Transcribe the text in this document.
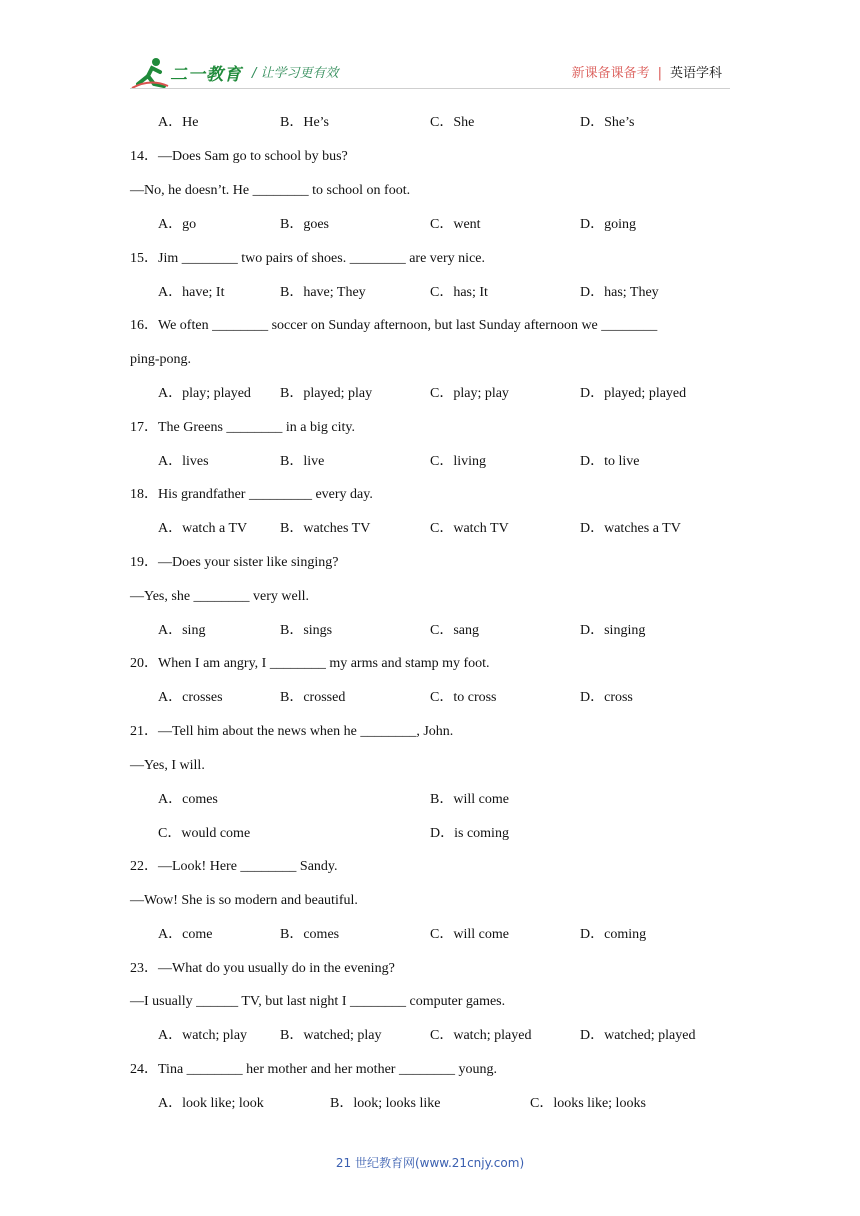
二一教育 / 让学习更有效	新课备课备考 | 英语学科
A．He	B．He’s	C．She	D．She’s
14．—Does Sam go to school by bus?
—No, he doesn’t. He ________ to school on foot.
A．go	B．goes	C．went	D．going
15．Jim ________ two pairs of shoes. ________ are very nice.
A．have; It	B．have; They	C．has; It	D．has; They
16．We often ________ soccer on Sunday afternoon, but last Sunday afternoon we ________
ping-pong.
A．play; played B．played; play	C．play; play	D．played; played
17．The Greens ________ in a big city.
A．lives	B．live	C．living	D．to live
18．His grandfather _________ every day.
A．watch a TV B．watches TV	C．watch TV	D．watches a TV
19．—Does your sister like singing?
—Yes, she ________ very well.
A．sing	B．sings	C．sang	D．singing
20．When I am angry, I ________ my arms and stamp my foot.
A．crosses	B．crossed	C．to cross	D．cross
21．—Tell him about the news when he ________, John.
—Yes, I will.
A．comes	B．will come
C．would come	D．is coming
22．—Look! Here ________ Sandy.
—Wow! She is so modern and beautiful.
A．come	B．comes	C．will come	D．coming
23．—What do you usually do in the evening?
—I usually ______ TV, but last night I ________ computer games.
A．watch; play B．watched; play	C．watch; played	D．watched; played
24．Tina ________ her mother and her mother ________ young.
A．look like; look	B．look; looks like	C．looks like; looks
21 世纪教育网(www.21cnjy.com)
